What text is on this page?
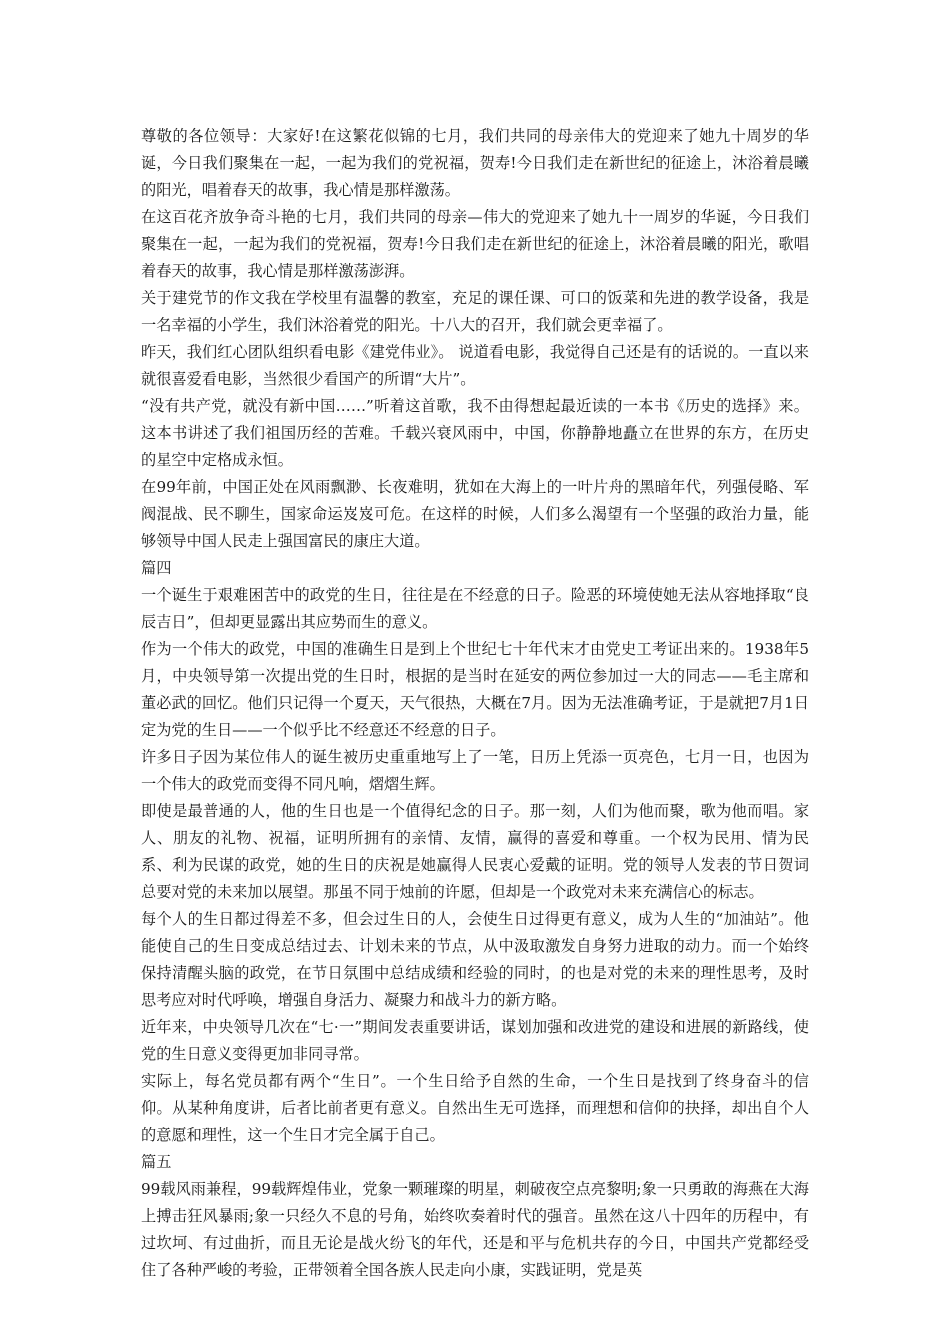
尊敬的各位领导：大家好!在这繁花似锦的七月，我们共同的母亲伟大的党迎来了她九十周岁的华诞，今日我们聚集在一起，一起为我们的党祝福，贺寿!今日我们走在新世纪的征途上，沐浴着晨曦的阳光，唱着春天的故事，我心情是那样激荡。

在这百花齐放争奇斗艳的七月，我们共同的母亲—伟大的党迎来了她九十一周岁的华诞，今日我们聚集在一起，一起为我们的党祝福，贺寿!今日我们走在新世纪的征途上，沐浴着晨曦的阳光，歌唱着春天的故事，我心情是那样激荡澎湃。

关于建党节的作文我在学校里有温馨的教室，充足的课任课、可口的饭菜和先进的教学设备，我是一名幸福的小学生，我们沐浴着党的阳光。十八大的召开，我们就会更幸福了。

昨天，我们红心团队组织看电影《建党伟业》。 说道看电影，我觉得自己还是有的话说的。一直以来就很喜爱看电影，当然很少看国产的所谓“大片”。

“没有共产党，就没有新中国……”听着这首歌，我不由得想起最近读的一本书《历史的选择》来。这本书讲述了我们祖国历经的苦难。千载兴衰风雨中，中国，你静静地矗立在世界的东方，在历史的星空中定格成永恒。

在99年前，中国正处在风雨飘渺、长夜难明，犹如在大海上的一叶片舟的黑暗年代，列强侵略、军阀混战、民不聊生，国家命运岌岌可危。在这样的时候，人们多么渴望有一个坚强的政治力量，能够领导中国人民走上强国富民的康庄大道。

篇四

一个诞生于艰难困苦中的政党的生日，往往是在不经意的日子。险恶的环境使她无法从容地择取“良辰吉日”，但却更显露出其应势而生的意义。

作为一个伟大的政党，中国的准确生日是到上个世纪七十年代末才由党史工考证出来的。1938年5月，中央领导第一次提出党的生日时，根据的是当时在延安的两位参加过一大的同志——毛主席和董必武的回忆。他们只记得一个夏天，天气很热，大概在7月。因为无法准确考证，于是就把7月1日定为党的生日——一个似乎比不经意还不经意的日子。

许多日子因为某位伟人的诞生被历史重重地写上了一笔，日历上凭添一页亮色，七月一日，也因为一个伟大的政党而变得不同凡响，熠熠生辉。

即使是最普通的人，他的生日也是一个值得纪念的日子。那一刻，人们为他而聚，歌为他而唱。家人、朋友的礼物、祝福，证明所拥有的亲情、友情，赢得的喜爱和尊重。一个权为民用、情为民系、利为民谋的政党，她的生日的庆祝是她赢得人民衷心爱戴的证明。党的领导人发表的节日贺词总要对党的未来加以展望。那虽不同于烛前的许愿，但却是一个政党对未来充满信心的标志。

每个人的生日都过得差不多，但会过生日的人，会使生日过得更有意义，成为人生的“加油站”。他能使自己的生日变成总结过去、计划未来的节点，从中汲取激发自身努力进取的动力。而一个始终保持清醒头脑的政党，在节日氛围中总结成绩和经验的同时，的也是对党的未来的理性思考，及时思考应对时代呼唤，增强自身活力、凝聚力和战斗力的新方略。

近年来，中央领导几次在“七·一”期间发表重要讲话，谋划加强和改进党的建设和进展的新路线，使党的生日意义变得更加非同寻常。

实际上，每名党员都有两个“生日”。一个生日给予自然的生命，一个生日是找到了终身奋斗的信仰。从某种角度讲，后者比前者更有意义。自然出生无可选择，而理想和信仰的抉择，却出自个人的意愿和理性，这一个生日才完全属于自己。

篇五

99载风雨兼程，99载辉煌伟业，党象一颗璀璨的明星，刺破夜空点亮黎明;象一只勇敢的海燕在大海上搏击狂风暴雨;象一只经久不息的号角，始终吹奏着时代的强音。虽然在这八十四年的历程中，有过坎坷、有过曲折，而且无论是战火纷飞的年代，还是和平与危机共存的今日，中国共产党都经受住了各种严峻的考验，正带领着全国各族人民走向小康，实践证明，党是英
